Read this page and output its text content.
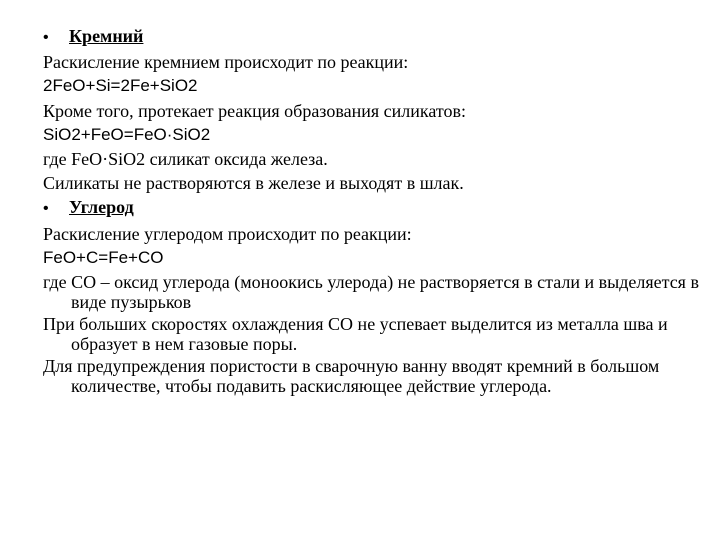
•	Кремний
Раскисление кремнием происходит по реакции:
2FeO+Si=2Fe+SiO2
Кроме того, протекает реакция образования силикатов:
SiO2+FeO=FeO·SiO2
где FeO·SiO2 силикат оксида железа.
Силикаты не растворяются в железе и выходят в шлак.
•	Углерод
Раскисление углеродом происходит по реакции:
FeO+C=Fe+CO
где CO – оксид углерода (моноокись улерода) не растворяется в стали и выделяется в виде пузырьков
При больших скоростях охлаждения CO не успевает выделится из металла шва и образует в нем газовые поры.
Для предупреждения пористости в сварочную ванну вводят кремний в большом количестве, чтобы подавить раскисляющее действие углерода.
